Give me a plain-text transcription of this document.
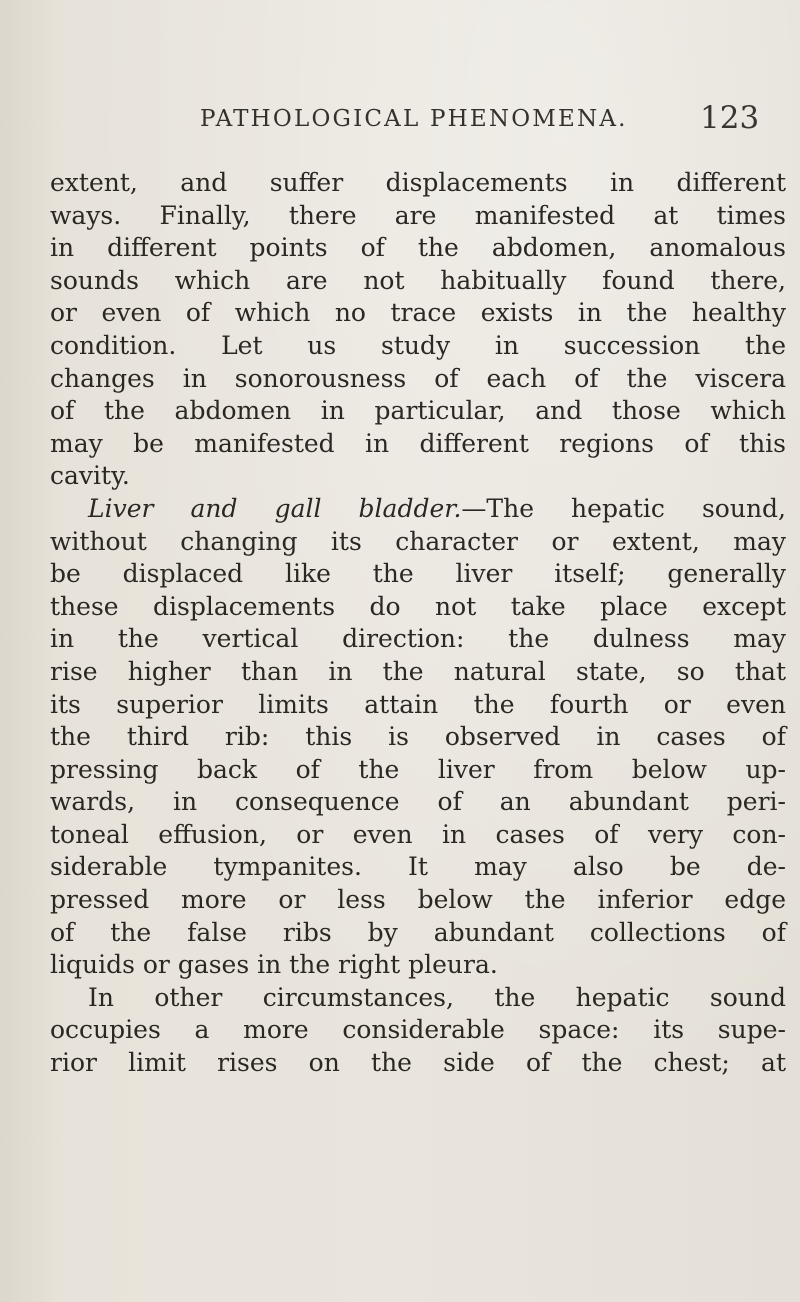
PATHOLOGICAL PHENOMENA.	123
extent, and suffer displacements in different
ways. Finally, there are manifested at times
in different points of the abdomen, anomalous
sounds which are not habitually found there,
or even of which no trace exists in the healthy
condition. Let us study in succession the
changes in sonorousness of each of the viscera
of the abdomen in particular, and those which
may be manifested in different regions of this
cavity.
Liver and gall bladder.—The hepatic sound,
without changing its character or extent, may
be displaced like the liver itself; generally
these displacements do not take place except
in the vertical direction: the dulness may
rise higher than in the natural state, so that
its superior limits attain the fourth or even
the third rib: this is observed in cases of
pressing back of the liver from below up-
wards, in consequence of an abundant peri-
toneal effusion, or even in cases of very con-
siderable tympanites. It may also be de-
pressed more or less below the inferior edge
of the false ribs by abundant collections of
liquids or gases in the right pleura.
In other circumstances, the hepatic sound
occupies a more considerable space: its supe-
rior limit rises on the side of the chest; at
